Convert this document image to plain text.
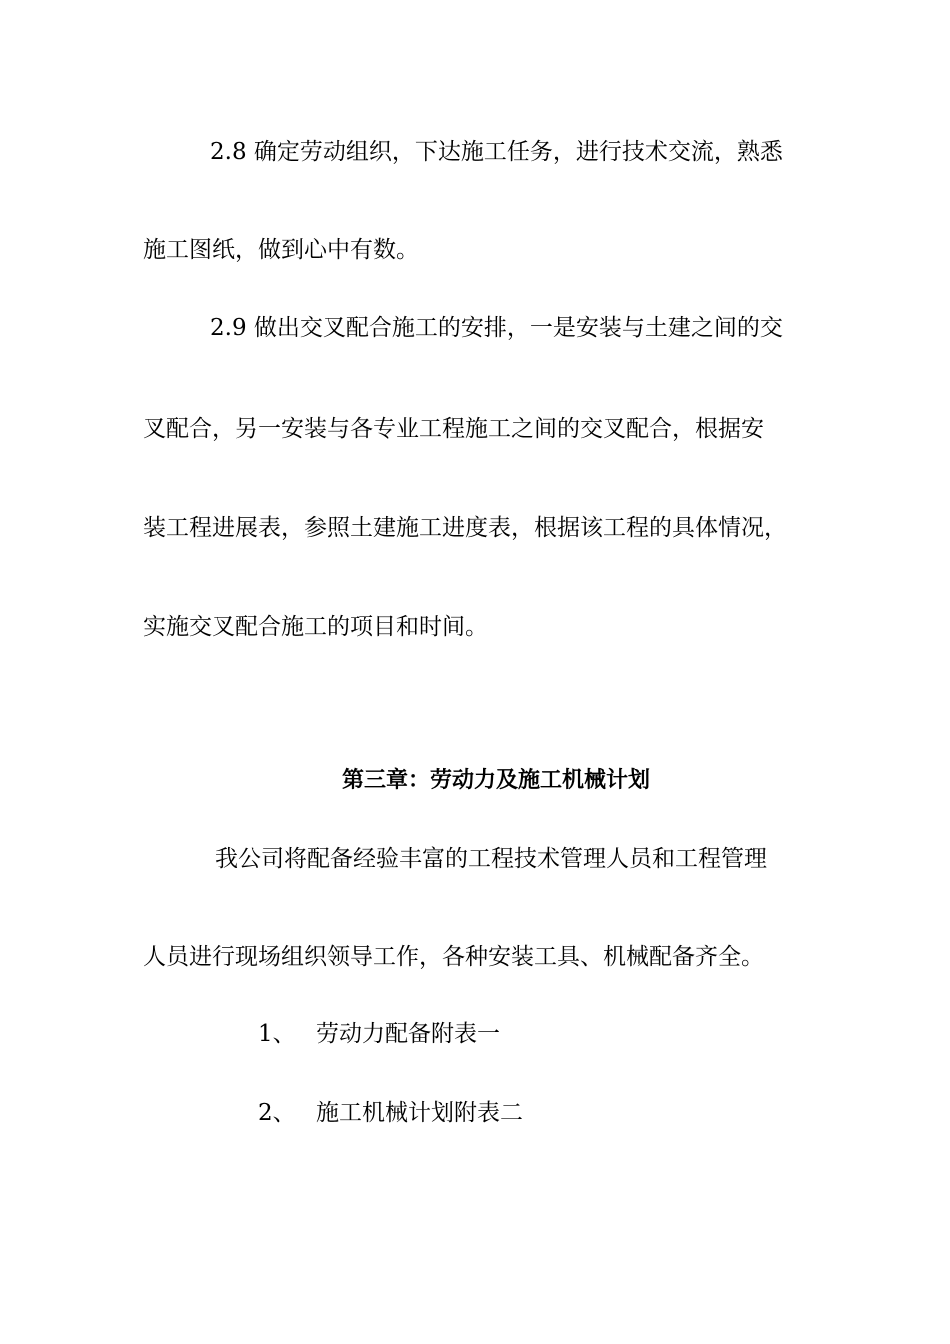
2.8 确定劳动组织，下达施工任务，进行技术交流，熟悉

施工图纸，做到心中有数。

2.9 做出交叉配合施工的安排，一是安装与土建之间的交

叉配合，另一安装与各专业工程施工之间的交叉配合，根据安

装工程进展表，参照土建施工进度表，根据该工程的具体情况，

实施交叉配合施工的项目和时间。

第三章：劳动力及施工机械计划

我公司将配备经验丰富的工程技术管理人员和工程管理

人员进行现场组织领导工作，各种安装工具、机械配备齐全。

1、 劳动力配备附表一
2、 施工机械计划附表二
